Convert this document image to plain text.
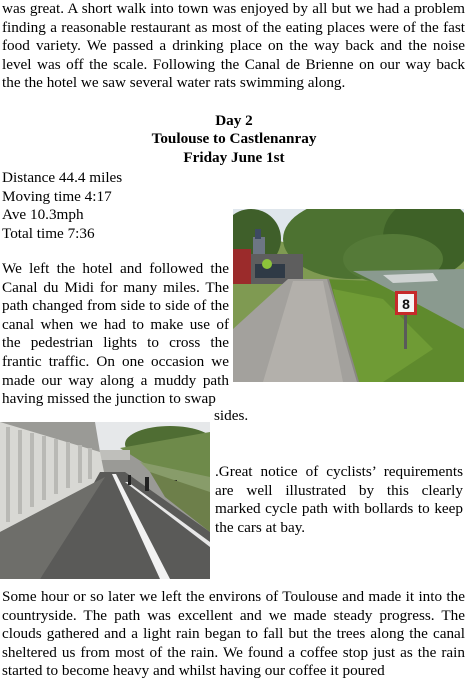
was great. A short walk into town was enjoyed by all but we had a problem finding a reasonable restaurant as most of the eating places were of the fast food variety. We passed a drinking place on the way back and the noise level was off the scale. Following the Canal de Brienne on our way back the the hotel we saw several water rats swimming along.

Day 2
Toulouse to Castlenanray
Friday June 1st
Distance 44.4 miles
Moving time 4:17
Ave 10.3mph
Total time 7:36
8

We left the hotel and followed the Canal du Midi for many miles. The path changed from side to side of the canal when we had to make use of the pedestrian lights to cross the frantic traffic. On one occasion we made our way along a muddy path having missed the junction to swap

sides.

.Great notice of cyclists’ requirements are well illustrated by this clearly marked cycle path with bollards to keep the cars at bay.

Some hour or so later we left the environs of Toulouse and made it into the countryside. The path was excellent and we made steady progress. The clouds gathered and a light rain began to fall but the trees along the canal sheltered us from most of the rain. We found a coffee stop just as the rain started to become heavy and whilst having our coffee it poured
